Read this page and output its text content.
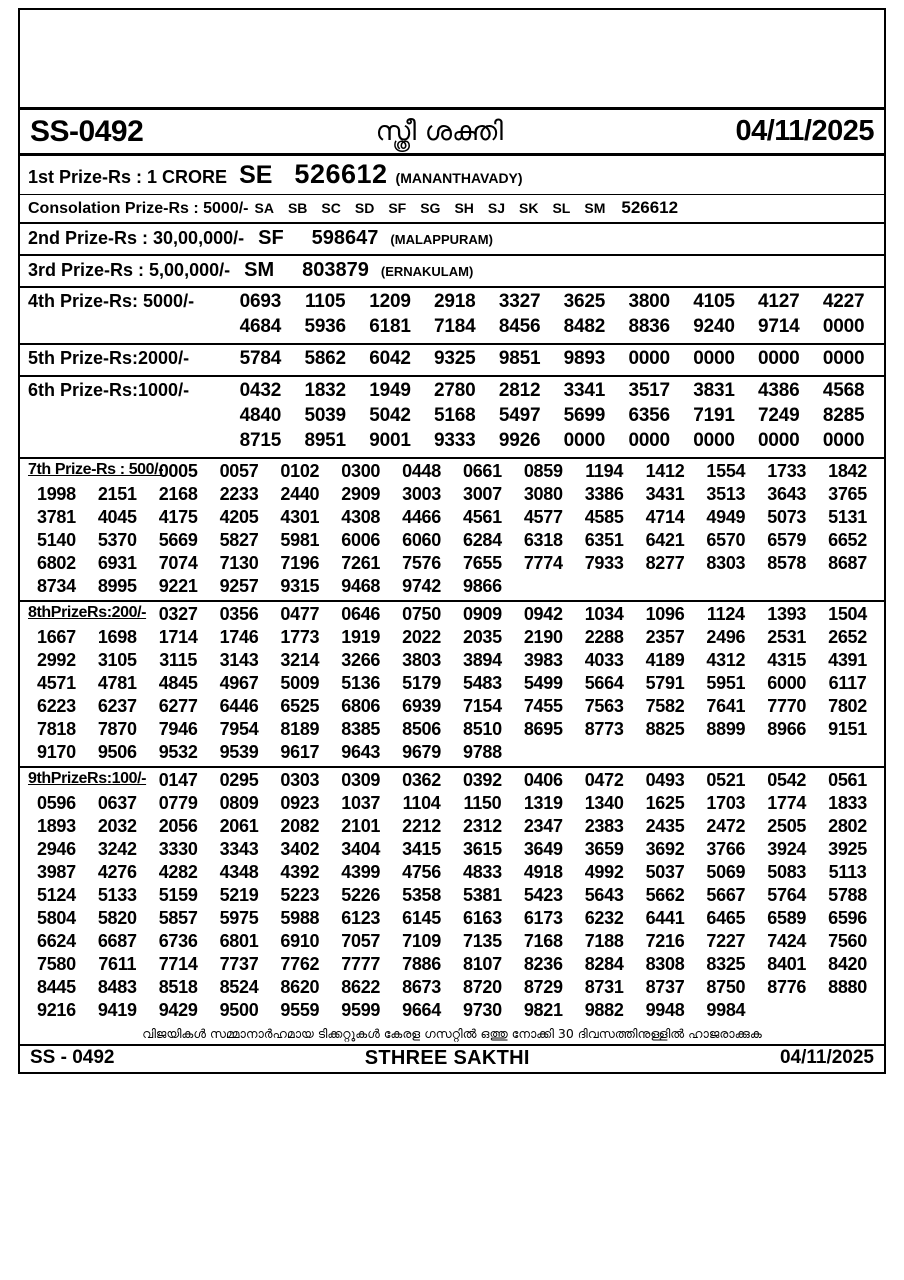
SS-0492	സ്ത്രീ ശക്തി	04/11/2025
1st Prize-Rs : 1 CRORE SE 526612 (MANANTHAVADY)
Consolation Prize-Rs : 5000/- SA SB SC SD SF SG SH SJ SK SL SM 526612
2nd Prize-Rs : 30,00,000/- SF 598647 (MALAPPURAM)
3rd Prize-Rs : 5,00,000/- SM 803879 (ERNAKULAM)
4th Prize-Rs: 5000/-	0693	1105	1209	2918	3327	3625	3800	4105	4127	4227
4684	5936	6181	7184	8456	8482	8836	9240	9714	0000
5th Prize-Rs:2000/-	5784	5862	6042	9325	9851	9893	0000	0000	0000	0000
6th Prize-Rs:1000/-	0432	1832	1949	2780	2812	3341	3517	3831	4386	4568
4840	5039	5042	5168	5497	5699	6356	7191	7249	8285
8715	8951	9001	9333	9926	0000	0000	0000	0000	0000
7th Prize-Rs : 500/-
0005	0057	0102	0300	0448	0661	0859	1194	1412	1554	1733	1842
1998	2151	2168	2233	2440	2909	3003	3007	3080	3386	3431	3513	3643	3765
3781	4045	4175	4205	4301	4308	4466	4561	4577	4585	4714	4949	5073	5131
5140	5370	5669	5827	5981	6006	6060	6284	6318	6351	6421	6570	6579	6652
6802	6931	7074	7130	7196	7261	7576	7655	7774	7933	8277	8303	8578	8687
8734	8995	9221	9257	9315	9468	9742	9866
8thPrizeRs:200/- 0327	0356	0477	0646	0750	0909	0942	1034	1096	1124	1393	1504
1667	1698	1714	1746	1773	1919	2022	2035	2190	2288	2357	2496	2531	2652
2992	3105	3115	3143	3214	3266	3803	3894	3983	4033	4189	4312	4315	4391
4571	4781	4845	4967	5009	5136	5179	5483	5499	5664	5791	5951	6000	6117
6223	6237	6277	6446	6525	6806	6939	7154	7455	7563	7582	7641	7770	7802
7818	7870	7946	7954	8189	8385	8506	8510	8695	8773	8825	8899	8966	9151
9170	9506	9532	9539	9617	9643	9679	9788
9thPrizeRs:100/- 0147	0295	0303	0309	0362	0392	0406	0472	0493	0521	0542	0561
0596	0637	0779	0809	0923	1037	1104	1150	1319	1340	1625	1703	1774	1833
1893	2032	2056	2061	2082	2101	2212	2312	2347	2383	2435	2472	2505	2802
2946	3242	3330	3343	3402	3404	3415	3615	3649	3659	3692	3766	3924	3925
3987	4276	4282	4348	4392	4399	4756	4833	4918	4992	5037	5069	5083	5113
5124	5133	5159	5219	5223	5226	5358	5381	5423	5643	5662	5667	5764	5788
5804	5820	5857	5975	5988	6123	6145	6163	6173	6232	6441	6465	6589	6596
6624	6687	6736	6801	6910	7057	7109	7135	7168	7188	7216	7227	7424	7560
7580	7611	7714	7737	7762	7777	7886	8107	8236	8284	8308	8325	8401	8420
8445	8483	8518	8524	8620	8622	8673	8720	8729	8731	8737	8750	8776	8880
9216	9419	9429	9500	9559	9599	9664	9730	9821	9882	9948	9984
വിജയികൾ സമ്മാനാർഹമായ ടിക്കറ്റുകൾ കേരള ഗസറ്റിൽ ഒത്തു നോക്കി 30 ദിവസത്തിനുള്ളിൽ ഹാജരാക്കുക
SS - 0492	STHREE SAKTHI	04/11/2025
